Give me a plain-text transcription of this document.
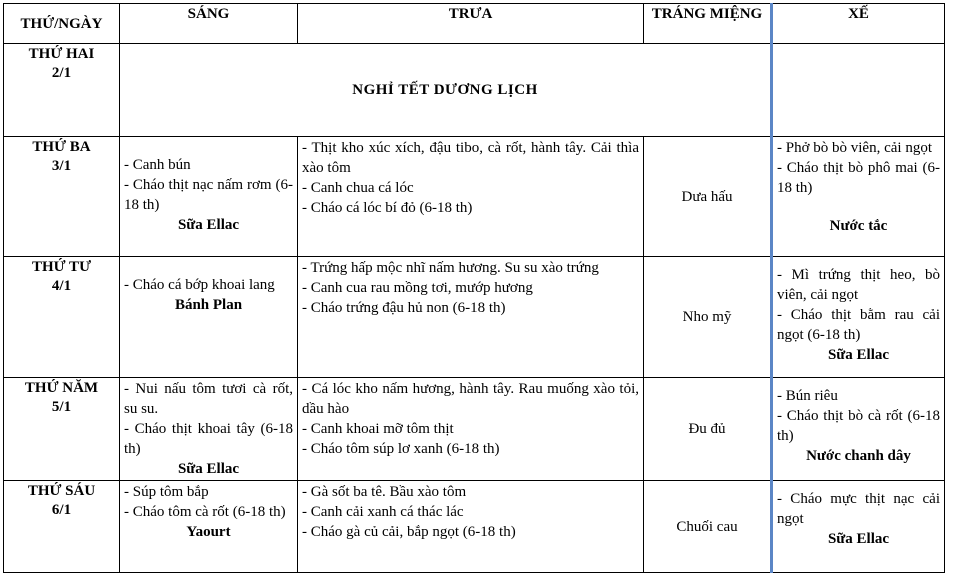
THỨ/NGÀY	SÁNG	TRƯA	TRÁNG MIỆNG	XẾ

THỨ HAI
2/1	NGHỈ TẾT DƯƠNG LỊCH			

THỨ BA
3/1	- Canh bún
- Cháo thịt nạc nấm rơm (6-18 th)
Sữa Ellac	- Thịt kho xúc xích, đậu tibo, cà rốt, hành tây. Cải thìa xào tôm
- Canh chua cá lóc
- Cháo cá lóc bí đỏ (6-18 th)	Dưa hấu	- Phở bò bò viên, cải ngọt
- Cháo thịt bò phô mai (6-18 th)
Nước tắc

THỨ TƯ
4/1	- Cháo cá bớp khoai lang
Bánh Plan	- Trứng hấp mộc nhĩ nấm hương. Su su xào trứng
- Canh cua rau mồng tơi, mướp hương
- Cháo trứng đậu hủ non (6-18 th)	Nho mỹ	- Mì trứng thịt heo, bò viên, cải ngọt
- Cháo thịt bằm rau cải ngọt (6-18 th)
Sữa Ellac

THỨ NĂM
5/1	- Nui nấu tôm tươi cà rốt, su su.
- Cháo thịt khoai tây (6-18 th)
Sữa Ellac	- Cá lóc kho nấm hương, hành tây. Rau muống xào tỏi, dầu hào
- Canh khoai mỡ tôm thịt
- Cháo tôm súp lơ xanh (6-18 th)	Đu đủ	- Bún riêu
- Cháo thịt bò cà rốt (6-18 th)
Nước chanh dây

THỨ SÁU
6/1	- Súp tôm bắp
- Cháo tôm cà rốt (6-18 th)
Yaourt	- Gà sốt ba tê. Bầu xào tôm
- Canh cải xanh cá thác lác
- Cháo gà củ cải, bắp ngọt (6-18 th)	Chuối cau	- Cháo mực thịt nạc cải ngọt
Sữa Ellac
